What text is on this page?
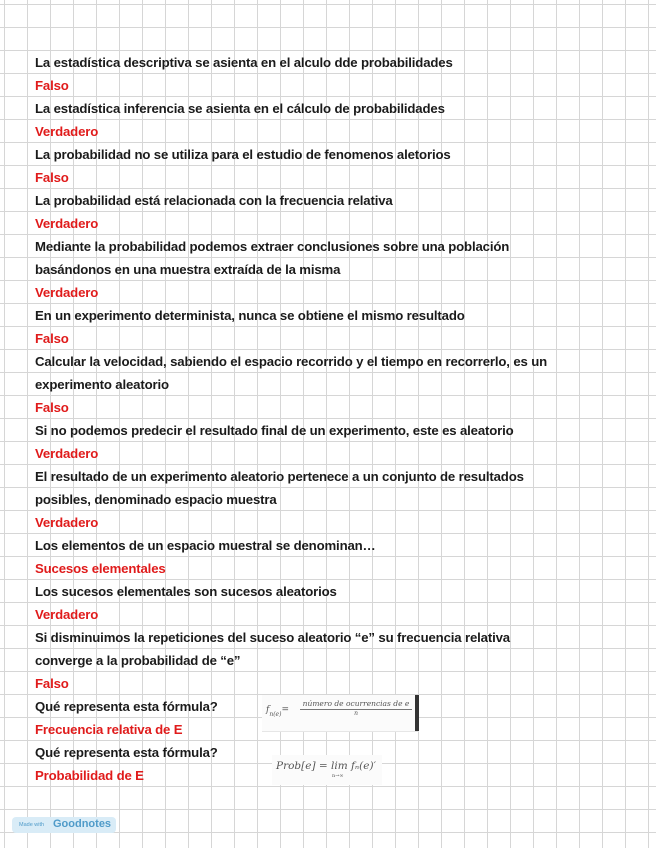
La estadística descriptiva se asienta en el alculo dde probabilidades
Falso
La estadística inferencia se asienta en el cálculo de probabilidades
Verdadero
La probabilidad no se utiliza para el estudio de fenomenos aletorios
Falso
La probabilidad está relacionada con la frecuencia relativa
Verdadero
Mediante la probabilidad podemos extraer conclusiones sobre una población
basándonos en una muestra extraída de la misma
Verdadero
En un experimento determinista, nunca se obtiene el mismo resultado
Falso
Calcular la velocidad, sabiendo el espacio recorrido y el tiempo en recorrerlo, es un
experimento aleatorio
Falso
Si no podemos predecir el resultado final de un experimento, este es aleatorio
Verdadero
El resultado de un experimento aleatorio pertenece a un conjunto de resultados
posibles, denominado espacio muestra
Verdadero
Los elementos de un espacio muestral se denominan…
Sucesos elementales
Los sucesos elementales son sucesos aleatorios
Verdadero
Si disminuimos la repeticiones del suceso aleatorio “e” su frecuencia relativa
converge a la probabilidad de “e”
Falso
Qué representa esta fórmula?
Frecuencia relativa de E
Qué representa esta fórmula?
Probabilidad de E
$f_{n(e)}=$
número de ocurrencias de e
n
Prob[e] = lim fₙ(e)′
n→∞
Made with Goodnotes
